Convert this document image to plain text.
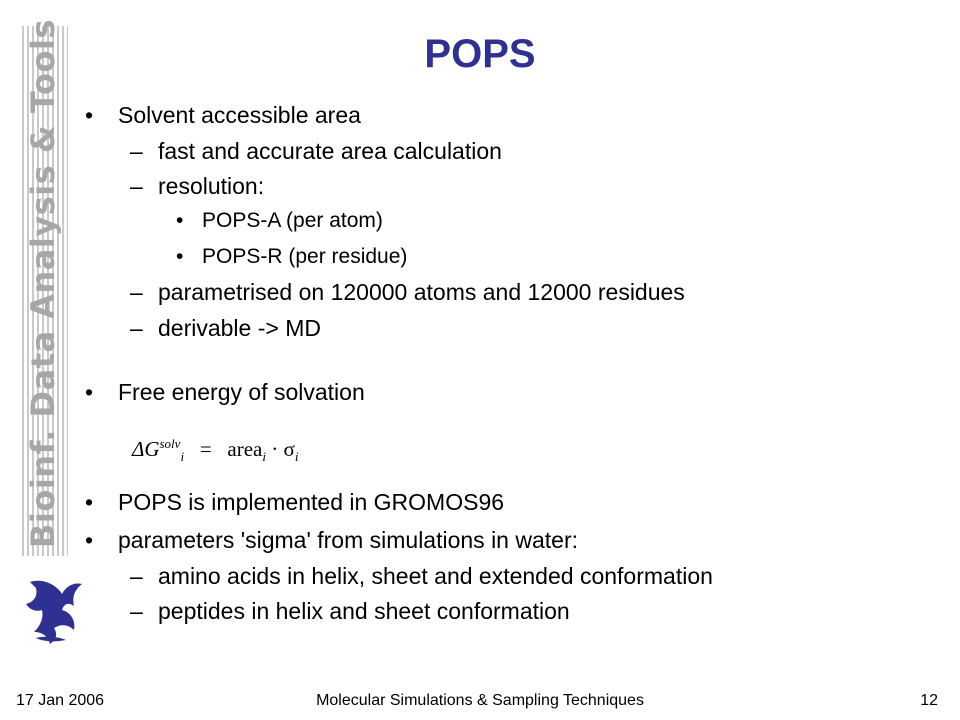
Bioinf. Data Analysis & Tools	POPS
• Solvent accessible area
– fast and accurate area calculation
– resolution:
• POPS-A (per atom)
• POPS-R (per residue)
– parametrised on 120000 atoms and 12000 residues
– derivable -> MD
• Free energy of solvation
$\Delta G^{solv}_i$ = area$_i$ · $\sigma_i$
• POPS is implemented in GROMOS96
• parameters 'sigma' from simulations in water:
– amino acids in helix, sheet and extended conformation
– peptides in helix and sheet conformation
17 Jan 2006	Molecular Simulations & Sampling Techniques	12
